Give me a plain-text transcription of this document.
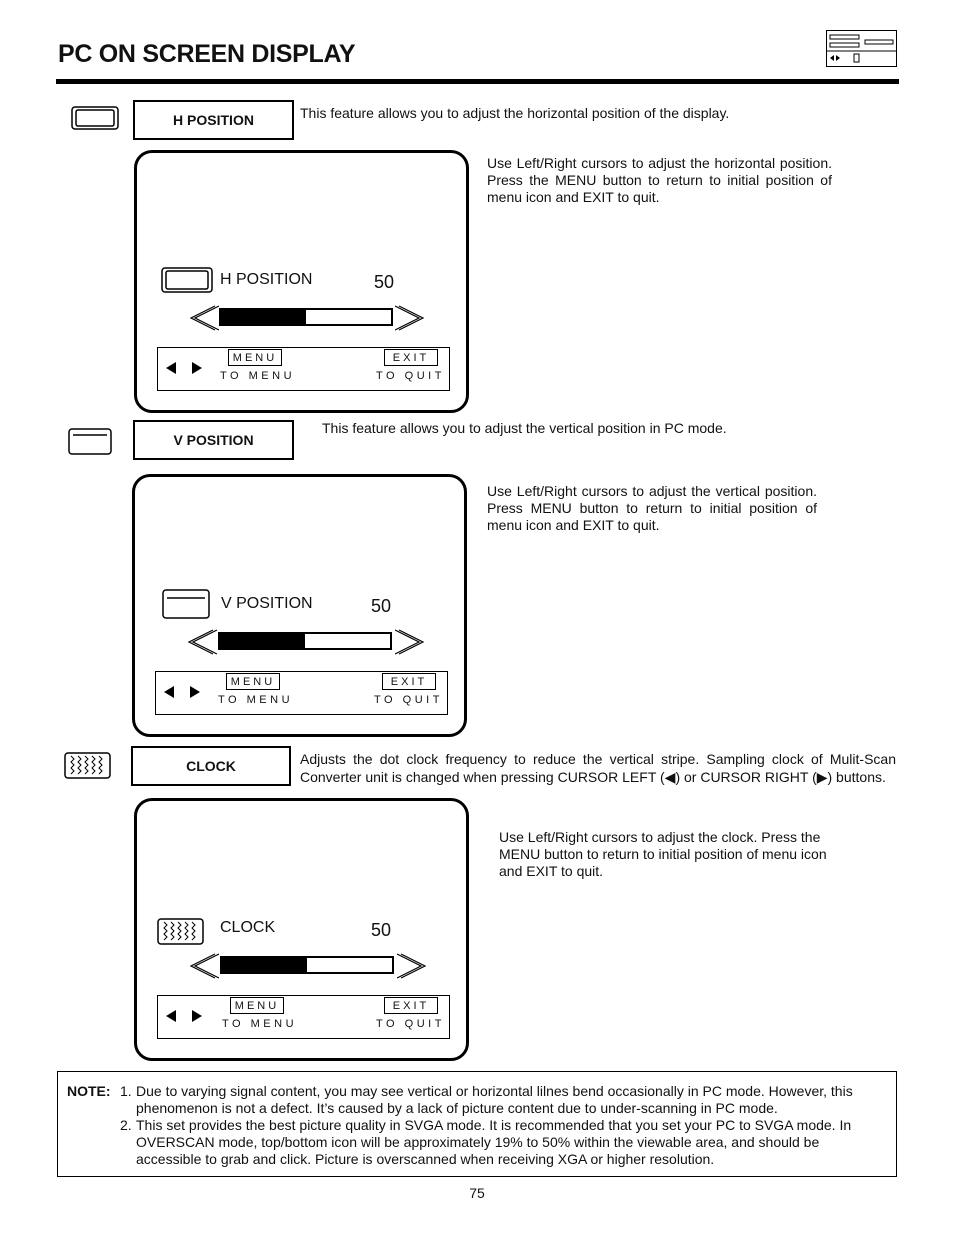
PC ON SCREEN DISPLAY
H POSITION	This feature allows you to adjust the horizontal position of the display.
H POSITION	50
MENU
TO MENU
EXIT
TO QUIT
Use Left/Right cursors to adjust the horizontal position. Press the MENU button to return to initial position of menu icon and EXIT to quit.
V POSITION
This feature allows you to adjust the vertical position in PC mode.
V POSITION	50
MENU
TO MENU
EXIT
TO QUIT
Use Left/Right cursors to adjust the vertical position. Press MENU button to return to initial position of menu icon and EXIT to quit.
CLOCK	Adjusts the dot clock frequency to reduce the vertical stripe. Sampling clock of Mulit-Scan Converter unit is changed when pressing CURSOR LEFT (◀) or CURSOR RIGHT (▶) buttons.
CLOCK	50
MENU
TO MENU
EXIT
TO QUIT
Use Left/Right cursors to adjust the clock. Press the MENU button to return to initial position of menu icon and EXIT to quit.
NOTE: 1. Due to varying signal content, you may see vertical or horizontal lilnes bend occasionally in PC mode. However, this phenomenon is not a defect. It’s caused by a lack of picture content due to under-scanning in PC mode.
2. This set provides the best picture quality in SVGA mode. It is recommended that you set your PC to SVGA mode. In OVERSCAN mode, top/bottom icon will be approximately 19% to 50% within the viewable area, and should be accessible to grab and click. Picture is overscanned when receiving XGA or higher resolution.
75
